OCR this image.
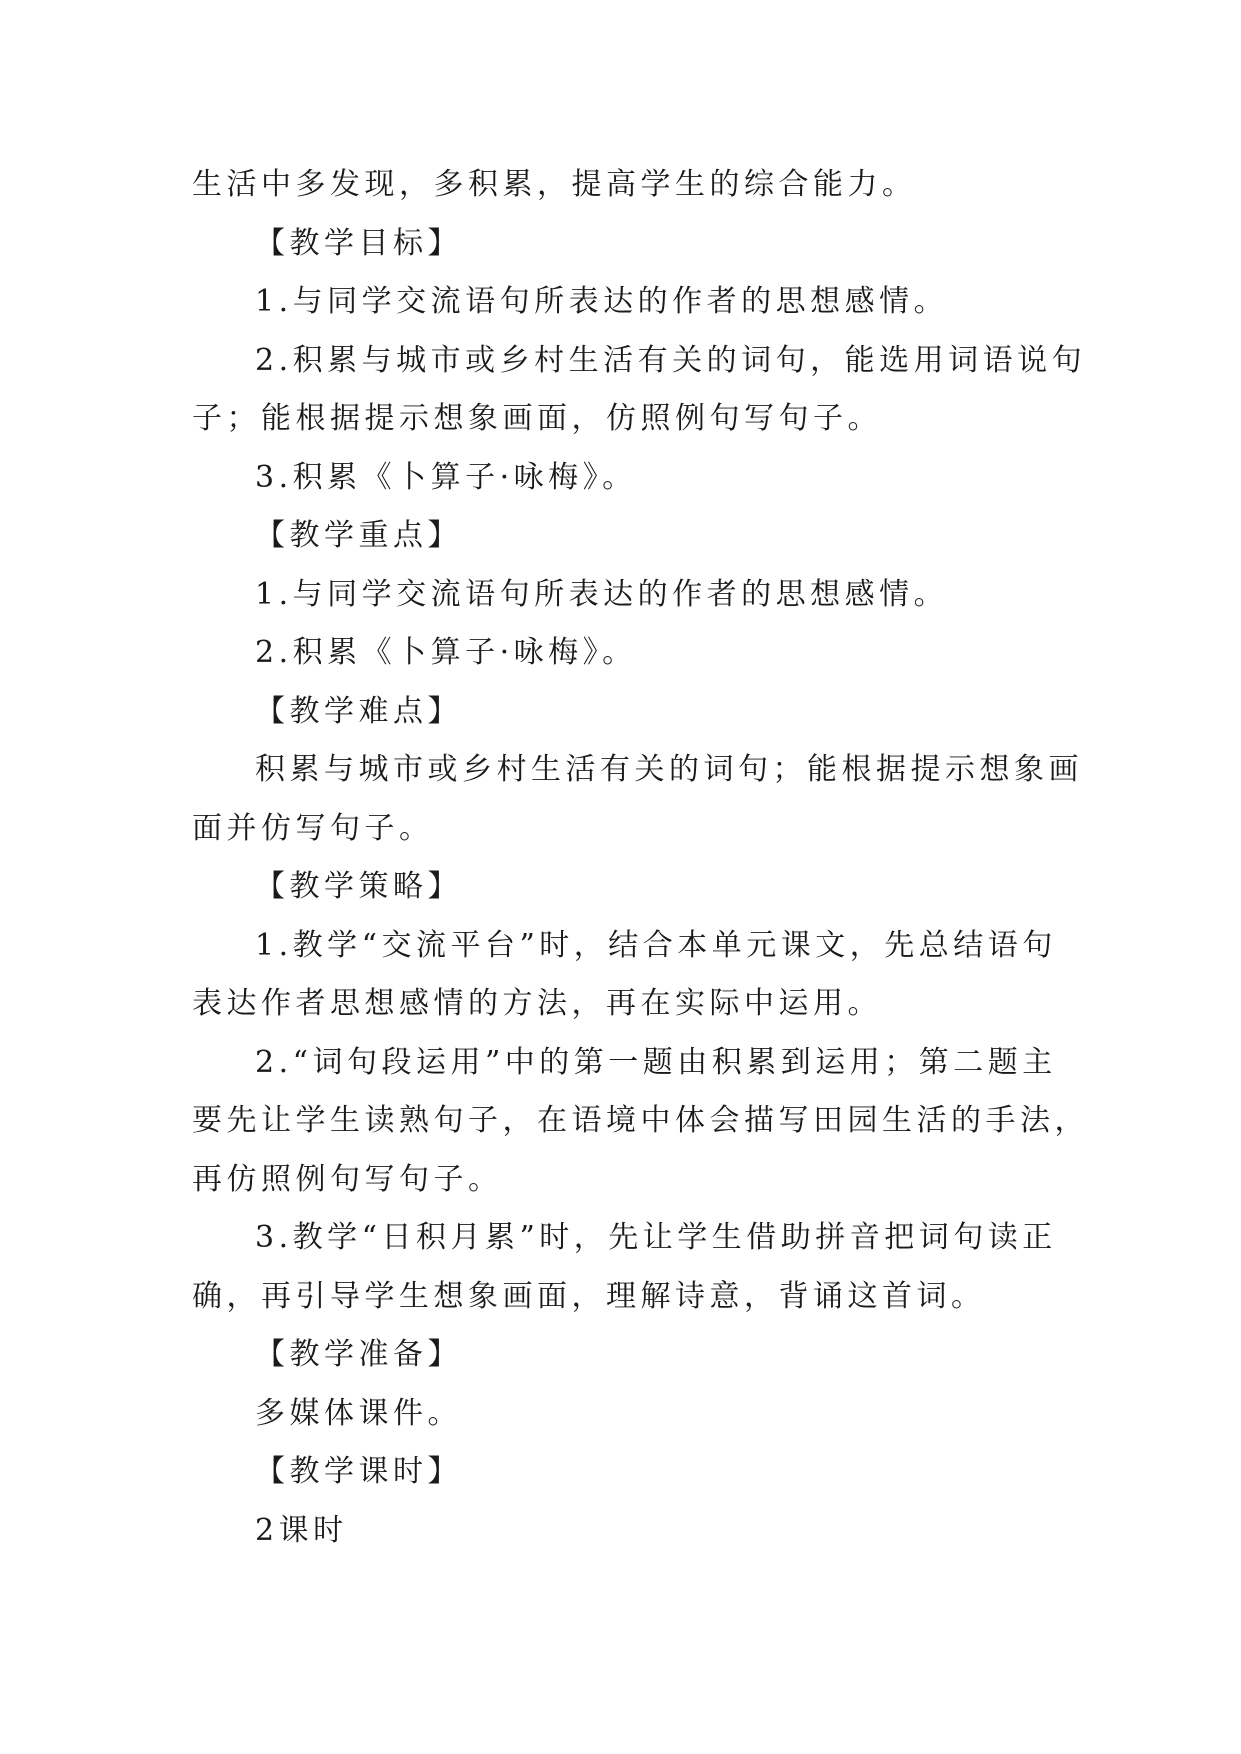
生活中多发现，多积累，提高学生的综合能力。

【教学目标】

1.与同学交流语句所表达的作者的思想感情。

2.积累与城市或乡村生活有关的词句，能选用词语说句

子；能根据提示想象画面，仿照例句写句子。

3.积累《卜算子·咏梅》。

【教学重点】

1.与同学交流语句所表达的作者的思想感情。

2.积累《卜算子·咏梅》。

【教学难点】

积累与城市或乡村生活有关的词句；能根据提示想象画

面并仿写句子。

【教学策略】

1.教学“交流平台”时，结合本单元课文，先总结语句

表达作者思想感情的方法，再在实际中运用。

2.“词句段运用”中的第一题由积累到运用；第二题主

要先让学生读熟句子，在语境中体会描写田园生活的手法，

再仿照例句写句子。

3.教学“日积月累”时，先让学生借助拼音把词句读正

确，再引导学生想象画面，理解诗意，背诵这首词。

【教学准备】

多媒体课件。

【教学课时】

2课时
